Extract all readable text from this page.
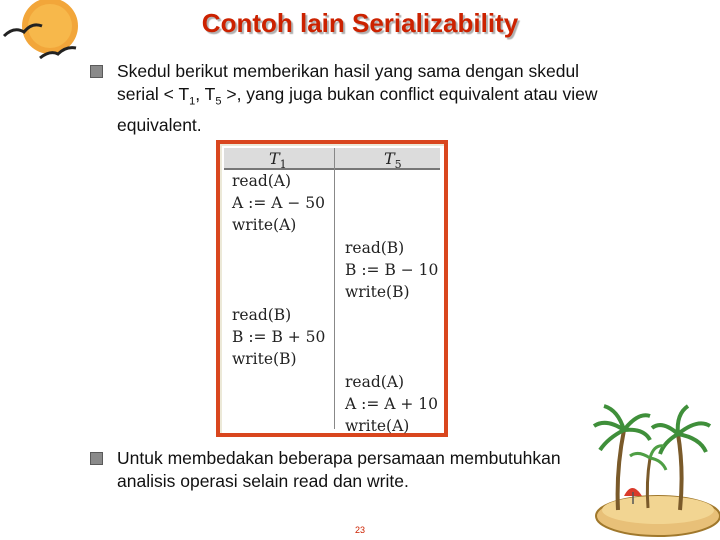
Contoh lain Serializability
Skedul berikut memberikan hasil yang sama dengan skedul serial < $T_1$, $T_5$ >, yang juga bukan conflict equivalent atau view equivalent.
$T_1$	$T_5$
read(A)
A := A − 50
write(A)
read(B)
B := B − 10
write(B)
read(B)
B := B + 50
write(B)
read(A)
A := A + 10
write(A)
Untuk membedakan beberapa persamaan membutuhkan analisis operasi selain read dan write.
23
